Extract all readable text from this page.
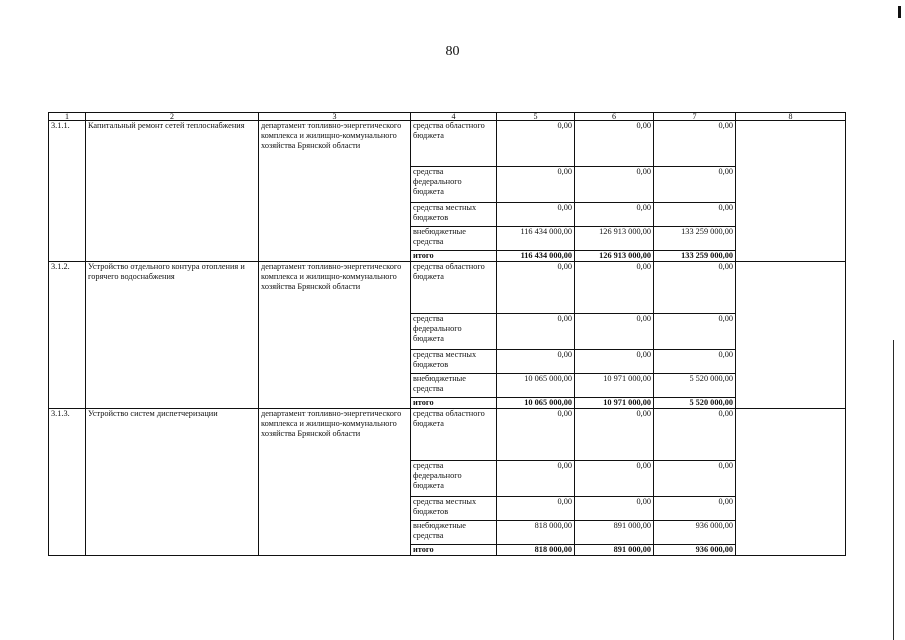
80
1	2	3	4	5	6	7	8
3.1.1.	Капитальный ремонт сетей теплоснабжения	департамент топливно-энергетического комплекса и жилищно-коммунального хозяйства Брянской области	средства областного бюджета	0,00	0,00	0,00	
			средства федерального бюджета	0,00	0,00	0,00	
			средства местных бюджетов	0,00	0,00	0,00	
			внебюджетные средства	116 434 000,00	126 913 000,00	133 259 000,00	
			итого	116 434 000,00	126 913 000,00	133 259 000,00	
3.1.2.	Устройство отдельного контура отопления и горячего водоснабжения	департамент топливно-энергетического комплекса и жилищно-коммунального хозяйства Брянской области	средства областного бюджета	0,00	0,00	0,00	
			средства федерального бюджета	0,00	0,00	0,00	
			средства местных бюджетов	0,00	0,00	0,00	
			внебюджетные средства	10 065 000,00	10 971 000,00	5 520 000,00	
			итого	10 065 000,00	10 971 000,00	5 520 000,00	
3.1.3.	Устройство систем диспетчеризации	департамент топливно-энергетического комплекса и жилищно-коммунального хозяйства Брянской области	средства областного бюджета	0,00	0,00	0,00	
			средства федерального бюджета	0,00	0,00	0,00	
			средства местных бюджетов	0,00	0,00	0,00	
			внебюджетные средства	818 000,00	891 000,00	936 000,00	
			итого	818 000,00	891 000,00	936 000,00	
